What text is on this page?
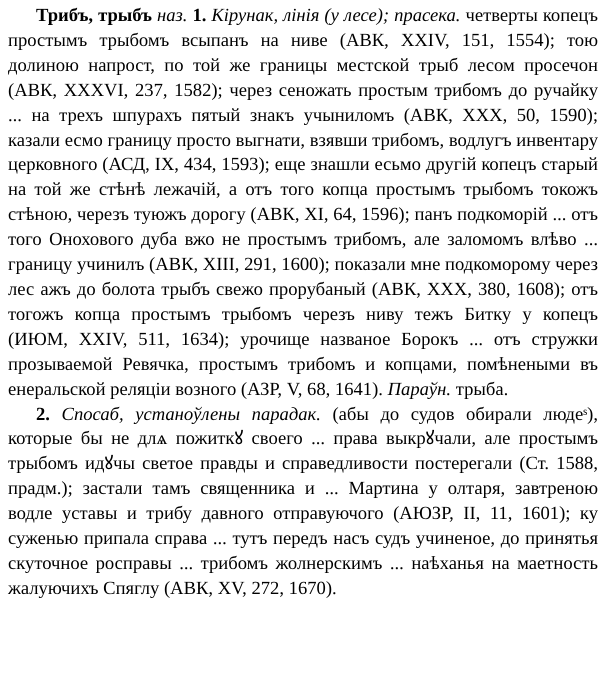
Трибъ, трыбъ наз. 1. Кірунак, лінія (у лесе); прасека. четверты копецъ простымъ трыбомъ всыпанъ на ниве (АВК, XXIV, 151, 1554); тою долиною напрост, по той же границы местской трыб лесом просечон (АВК, XXXVI, 237, 1582); через сеножать простым трибомъ до ручайку ... на трехъ шпурахъ пятый знакъ учыниломъ (АВК, XXX, 50, 1590); казали есмо границу просто выгнати, взявши трибомъ, водлугъ инвентару церковного (АСД, IX, 434, 1593); еще знашли есьмо другій копецъ старый на той же стѣнѣ лежачій, а отъ того копца простымъ трыбомъ токожъ стѣною, черезъ туюжъ дорогу (АВК, XI, 64, 1596); панъ подкоморій ... отъ того Онохового дуба вжо не простымъ трибомъ, але заломомъ влѣво ... границу учинилъ (АВК, XIII, 291, 1600); показали мне подкоморому через лес ажъ до болота трыбъ свежо прорубаный (АВК, XXX, 380, 1608); отъ тогожъ копца простымъ трыбомъ черезъ ниву тежъ Битку у копецъ (ИЮМ, XXIV, 511, 1634); урочище названое Борокъ ... отъ стружки прозываемой Ревячка, простымъ трибомъ и копцами, помѣнеными въ енеральской реляціи возного (АЗР, V, 68, 1641). Параўн. трыба.

2. Спосаб, устаноўлены парадак. (абы до судов обирали людеˢ), которые бы не длѧ пожиткꙋ своего ... права выкрꙋчали, але простымъ трыбомъ идꙋчы светое правды и справедливости постерегали (Ст. 1588, прадм.); застали тамъ священника и ... Мартина у олтаря, завтреною водле уставы и трибу давного отправуючого (АЮЗР, II, 11, 1601); ку суженью припала справа ... тутъ передъ насъ судъ учиненое, до принятья скуточное росправы ... трибомъ жолнерскимъ ... наѣханья на маетность жалуючихъ Спяглу (АВК, XV, 272, 1670).
